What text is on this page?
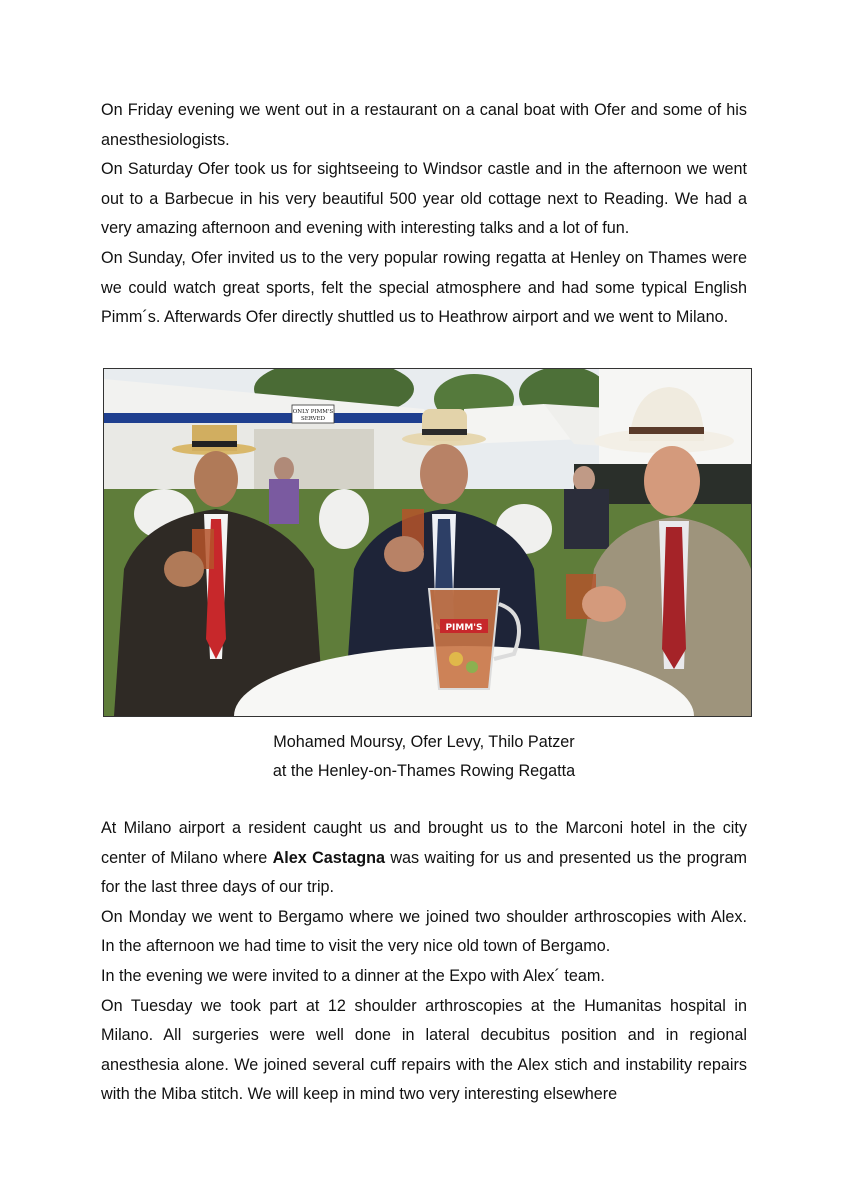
On Friday evening we went out in a restaurant on a canal boat with Ofer and some of his anesthesiologists.
On Saturday Ofer took us for sightseeing to Windsor castle and in the afternoon we went out to a Barbecue in his very beautiful 500 year old cottage next to Reading. We had a very amazing afternoon and evening with interesting talks and a lot of fun.
On Sunday, Ofer invited us to the very popular rowing regatta at Henley on Thames were we could watch great sports, felt the special atmosphere and had some typical English Pimm´s. Afterwards Ofer directly shuttled us to Heathrow airport and we went to Milano.
ONLY PIMM'S
SERVED
PIMM'S
Mohamed Moursy, Ofer Levy, Thilo Patzer
at the Henley-on-Thames Rowing Regatta
At Milano airport a resident caught us and brought us to the Marconi hotel in the city center of Milano where Alex Castagna was waiting for us and presented us the program for the last three days of our trip.
On Monday we went to Bergamo where we joined two shoulder arthroscopies with Alex. In the afternoon we had time to visit the very nice old town of Bergamo.
In the evening we were invited to a dinner at the Expo with Alex´ team.
On Tuesday we took part at 12 shoulder arthroscopies at the Humanitas hospital in Milano. All surgeries were well done in lateral decubitus position and in regional anesthesia alone. We joined several cuff repairs with the Alex stich and instability repairs with the Miba stitch. We will keep in mind two very interesting elsewhere
